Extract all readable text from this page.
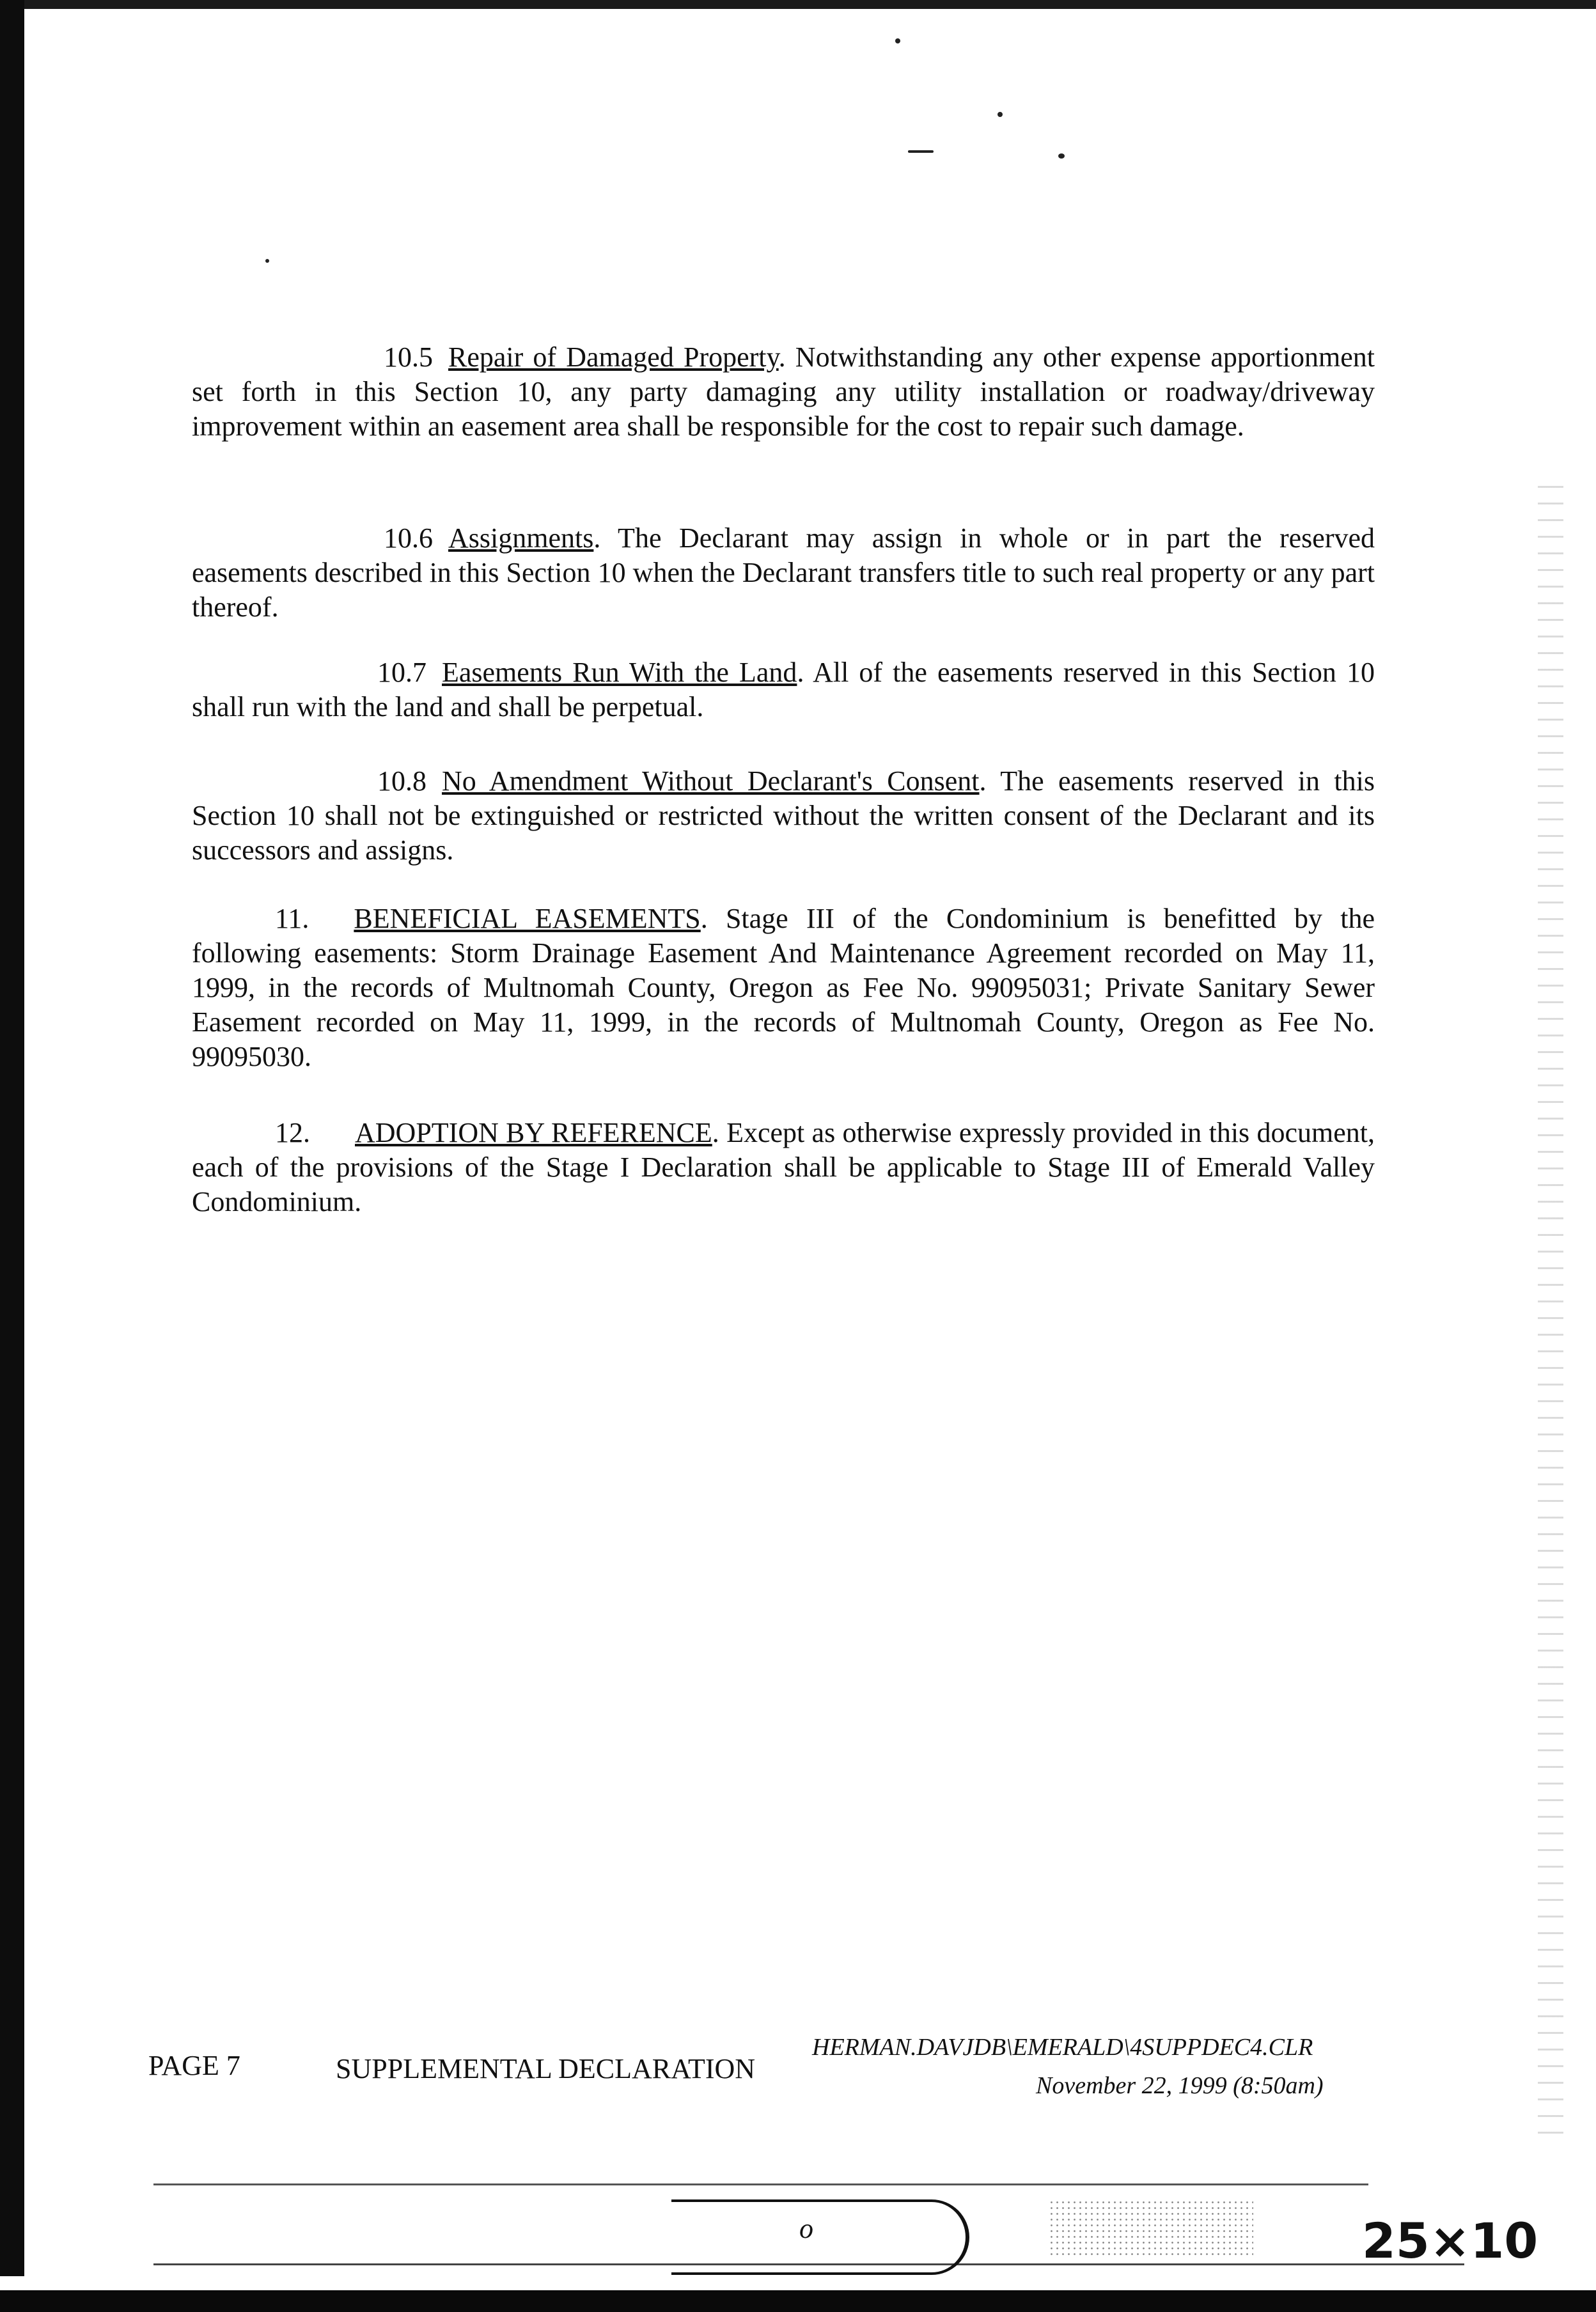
10.5 Repair of Damaged Property. Notwithstanding any other expense apportionment set forth in this Section 10, any party damaging any utility installation or roadway/driveway improvement within an easement area shall be responsible for the cost to repair such damage.
10.6 Assignments. The Declarant may assign in whole or in part the reserved easements described in this Section 10 when the Declarant transfers title to such real property or any part thereof.
10.7 Easements Run With the Land. All of the easements reserved in this Section 10 shall run with the land and shall be perpetual.
10.8 No Amendment Without Declarant's Consent. The easements reserved in this Section 10 shall not be extinguished or restricted without the written consent of the Declarant and its successors and assigns.
11. BENEFICIAL EASEMENTS. Stage III of the Condominium is benefitted by the following easements: Storm Drainage Easement And Maintenance Agreement recorded on May 11, 1999, in the records of Multnomah County, Oregon as Fee No. 99095031; Private Sanitary Sewer Easement recorded on May 11, 1999, in the records of Multnomah County, Oregon as Fee No. 99095030.
12. ADOPTION BY REFERENCE. Except as otherwise expressly provided in this document, each of the provisions of the Stage I Declaration shall be applicable to Stage III of Emerald Valley Condominium.
PAGE 7	SUPPLEMENTAL DECLARATION
HERMAN.DAVJDB\EMERALD\4SUPPDEC4.CLR
November 22, 1999 (8:50am)
o	25×10
